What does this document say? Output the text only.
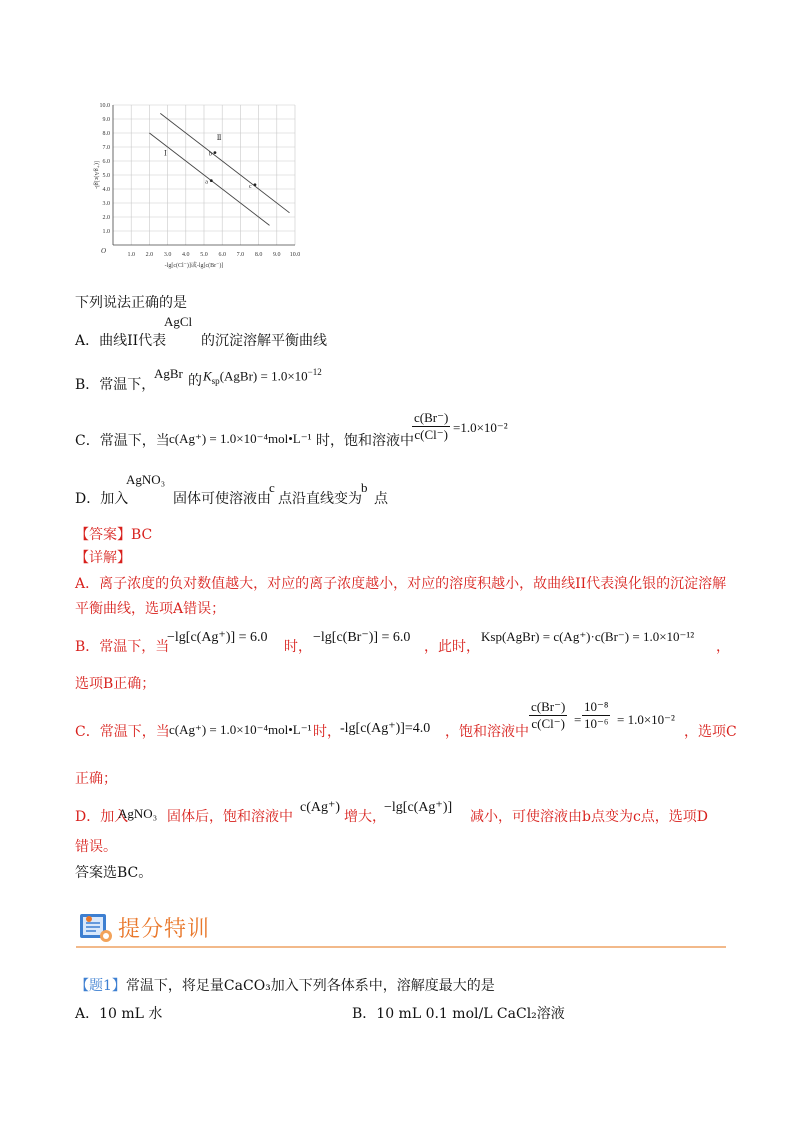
1.0 2.0 3.0 4.0 5.0 6.0 7.0 8.0 9.0 10.0
1.0
2.0
3.0
4.0
5.0
6.0
7.0
8.0
9.0
10.0
O
-lg[c(Cl⁻)]或-lg[c(Br⁻)]
[(⁺gA)c]gl-
Ⅰ
Ⅱ
a
b
c
下列说法正确的是
A．曲线II代表
AgCl
的沉淀溶解平衡曲线
B．常温下，
AgBr 的 $K_{sp}(AgBr) = 1.0\times 10^{-12}$
C．常温下，当 c(Ag⁺) = 1.0×10⁻⁴mol•L⁻¹ 时，饱和溶液中
$\frac{c(Br^-)}{c(Cl^-)} =1.0\times 10^{-2}$
D．加入
AgNO₃
固体可使溶液由
c
点沿直线变为
b
点
【答案】BC
【详解】
A．离子浓度的负对数值越大，对应的离子浓度越小，对应的溶度积越小，故曲线II代表溴化银的沉淀溶解
平衡曲线，选项A错误；
B．常温下，当
−lg[c(Ag⁺)] = 6.0
时，
−lg[c(Br⁻)] = 6.0
，此时，
Ksp(AgBr) = c(Ag⁺)·c(Br⁻) = 1.0×10⁻¹²
，
选项B正确；
C．常温下，当 c(Ag⁺) = 1.0×10⁻⁴mol•L⁻¹ 时， -lg[c(Ag⁺)]=4.0 ，饱和溶液中 $\frac{c(Br^-)}{c(Cl^-)} = \frac{\text{10⁻⁸}}{\text{10⁻⁶}} = 1.0\times 10^{-2}$
，选项C
正确；
D．加入
AgNO₃ 固体后，饱和溶液中
c(Ag⁺)
增大，
−lg[c(Ag⁺)]
减小，可使溶液由b点变为c点，选项D
错误。
答案选BC。
提分特训
【题1】常温下，将足量CaCO₃加入下列各体系中，溶解度最大的是
A．10 mL 水	B．10 mL 0.1 mol/L CaCl₂溶液
